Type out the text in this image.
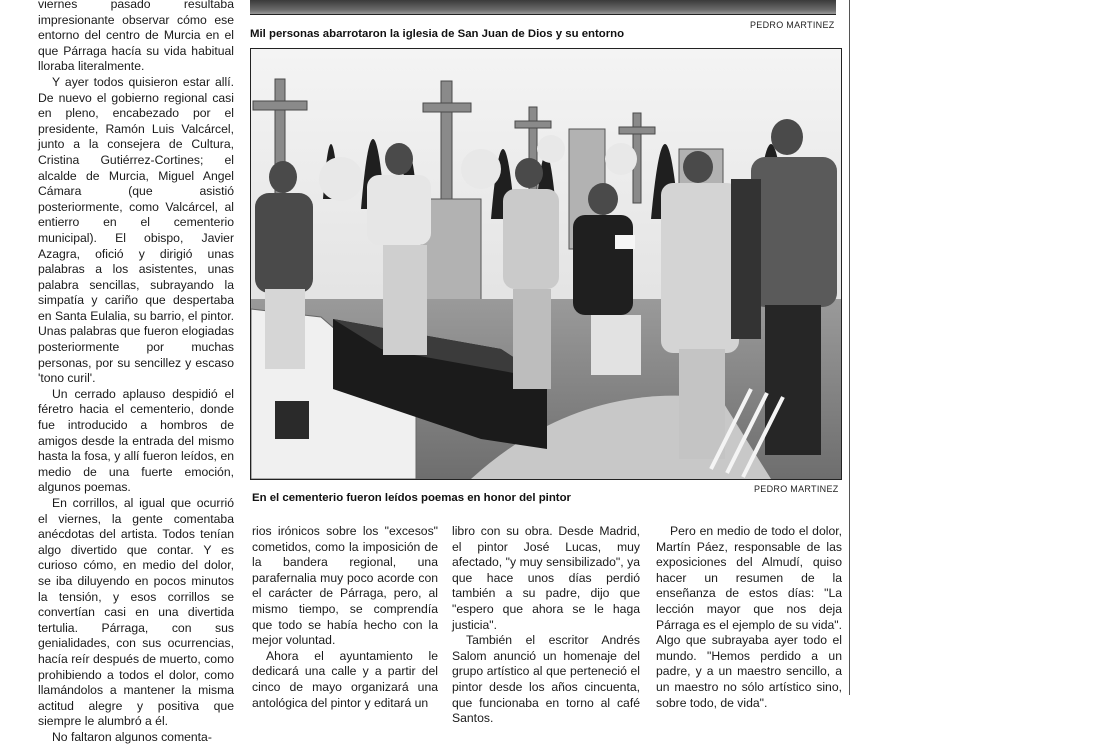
viernes pasado resultaba impresionante observar cómo ese entorno del centro de Murcia en el que Párraga hacía su vida habitual lloraba literalmente.

Y ayer todos quisieron estar allí. De nuevo el gobierno regional casi en pleno, encabezado por el presidente, Ramón Luis Valcárcel, junto a la consejera de Cultura, Cristina Gutiérrez-Cortines; el alcalde de Murcia, Miguel Angel Cámara (que asistió posteriormente, como Valcárcel, al entierro en el cementerio municipal). El obispo, Javier Azagra, ofició y dirigió unas palabras a los asistentes, unas palabra sencillas, subrayando la simpatía y cariño que despertaba en Santa Eulalia, su barrio, el pintor. Unas palabras que fueron elogiadas posteriormente por muchas personas, por su sencillez y escaso 'tono curil'.

Un cerrado aplauso despidió el féretro hacia el cementerio, donde fue introducido a hombros de amigos desde la entrada del mismo hasta la fosa, y allí fueron leídos, en medio de una fuerte emoción, algunos poemas.

En corrillos, al igual que ocurrió el viernes, la gente comentaba anécdotas del artista. Todos tenían algo divertido que contar. Y es curioso cómo, en medio del dolor, se iba diluyendo en pocos minutos la tensión, y esos corrillos se convertían casi en una divertida tertulia. Párraga, con sus genialidades, con sus ocurrencias, hacía reír después de muerto, como prohibiendo a todos el dolor, como llamándolos a mantener la misma actitud alegre y positiva que siempre le alumbró a él.

No faltaron algunos comenta-

PEDRO MARTINEZ
Mil personas abarrotaron la iglesia de San Juan de Dios y su entorno
PEDRO MARTINEZ
En el cementerio fueron leídos poemas en honor del pintor

rios irónicos sobre los "excesos" cometidos, como la imposición de la bandera regional, una parafernalia muy poco acorde con el carácter de Párraga, pero, al mismo tiempo, se comprendía que todo se había hecho con la mejor voluntad.

Ahora el ayuntamiento le dedicará una calle y a partir del cinco de mayo organizará una antológica del pintor y editará un

libro con su obra. Desde Madrid, el pintor José Lucas, muy afectado, "y muy sensibilizado", ya que hace unos días perdió también a su padre, dijo que "espero que ahora se le haga justicia".

También el escritor Andrés Salom anunció un homenaje del grupo artístico al que perteneció el pintor desde los años cincuenta, que funcionaba en torno al café Santos.

Pero en medio de todo el dolor, Martín Páez, responsable de las exposiciones del Almudí, quiso hacer un resumen de la enseñanza de estos días: "La lección mayor que nos deja Párraga es el ejemplo de su vida". Algo que subrayaba ayer todo el mundo. "Hemos perdido a un padre, y a un maestro sencillo, a un maestro no sólo artístico sino, sobre todo, de vida".
